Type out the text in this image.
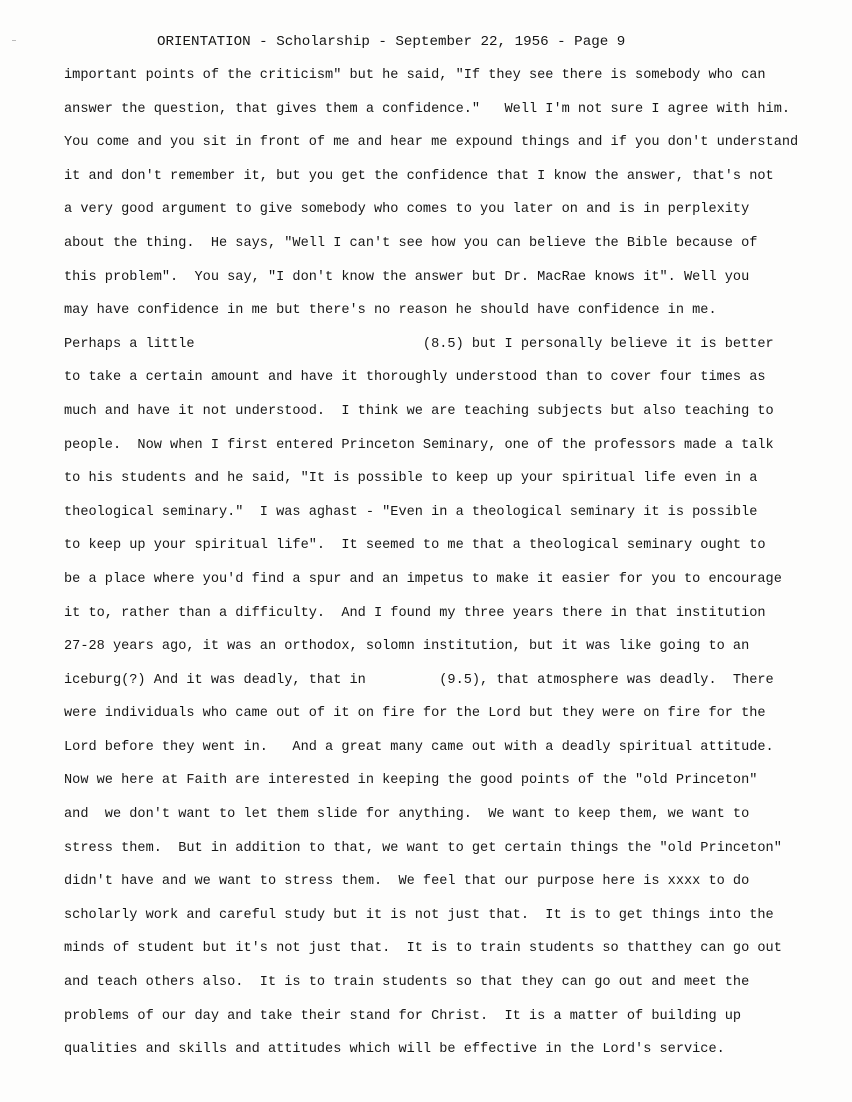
ORIENTATION - Scholarship - September 22, 1956 - Page 9
important points of the criticism" but he said, "If they see there is somebody who can
answer the question, that gives them a confidence."   Well I'm not sure I agree with him.
You come and you sit in front of me and hear me expound things and if you don't understand
it and don't remember it, but you get the confidence that I know the answer, that's not
a very good argument to give somebody who comes to you later on and is in perplexity
about the thing.  He says, "Well I can't see how you can believe the Bible because of
this problem".  You say, "I don't know the answer but Dr. MacRae knows it". Well you
may have confidence in me but there's no reason he should have confidence in me.
Perhaps a little                            (8.5) but I personally believe it is better
to take a certain amount and have it thoroughly understood than to cover four times as
much and have it not understood.  I think we are teaching subjects but also teaching to
people.  Now when I first entered Princeton Seminary, one of the professors made a talk
to his students and he said, "It is possible to keep up your spiritual life even in a
theological seminary."  I was aghast - "Even in a theological seminary it is possible
to keep up your spiritual life".  It seemed to me that a theological seminary ought to
be a place where you'd find a spur and an impetus to make it easier for you to encourage
it to, rather than a difficulty.  And I found my three years there in that institution
27-28 years ago, it was an orthodox, solomn institution, but it was like going to an
iceburg(?) And it was deadly, that in         (9.5), that atmosphere was deadly.  There
were individuals who came out of it on fire for the Lord but they were on fire for the
Lord before they went in.   And a great many came out with a deadly spiritual attitude.
Now we here at Faith are interested in keeping the good points of the "old Princeton"
and  we don't want to let them slide for anything.  We want to keep them, we want to
stress them.  But in addition to that, we want to get certain things the "old Princeton"
didn't have and we want to stress them.  We feel that our purpose here is xxxx to do
scholarly work and careful study but it is not just that.  It is to get things into the
minds of student but it's not just that.  It is to train students so thatthey can go out
and teach others also.  It is to train students so that they can go out and meet the
problems of our day and take their stand for Christ.  It is a matter of building up
qualities and skills and attitudes which will be effective in the Lord's service.
